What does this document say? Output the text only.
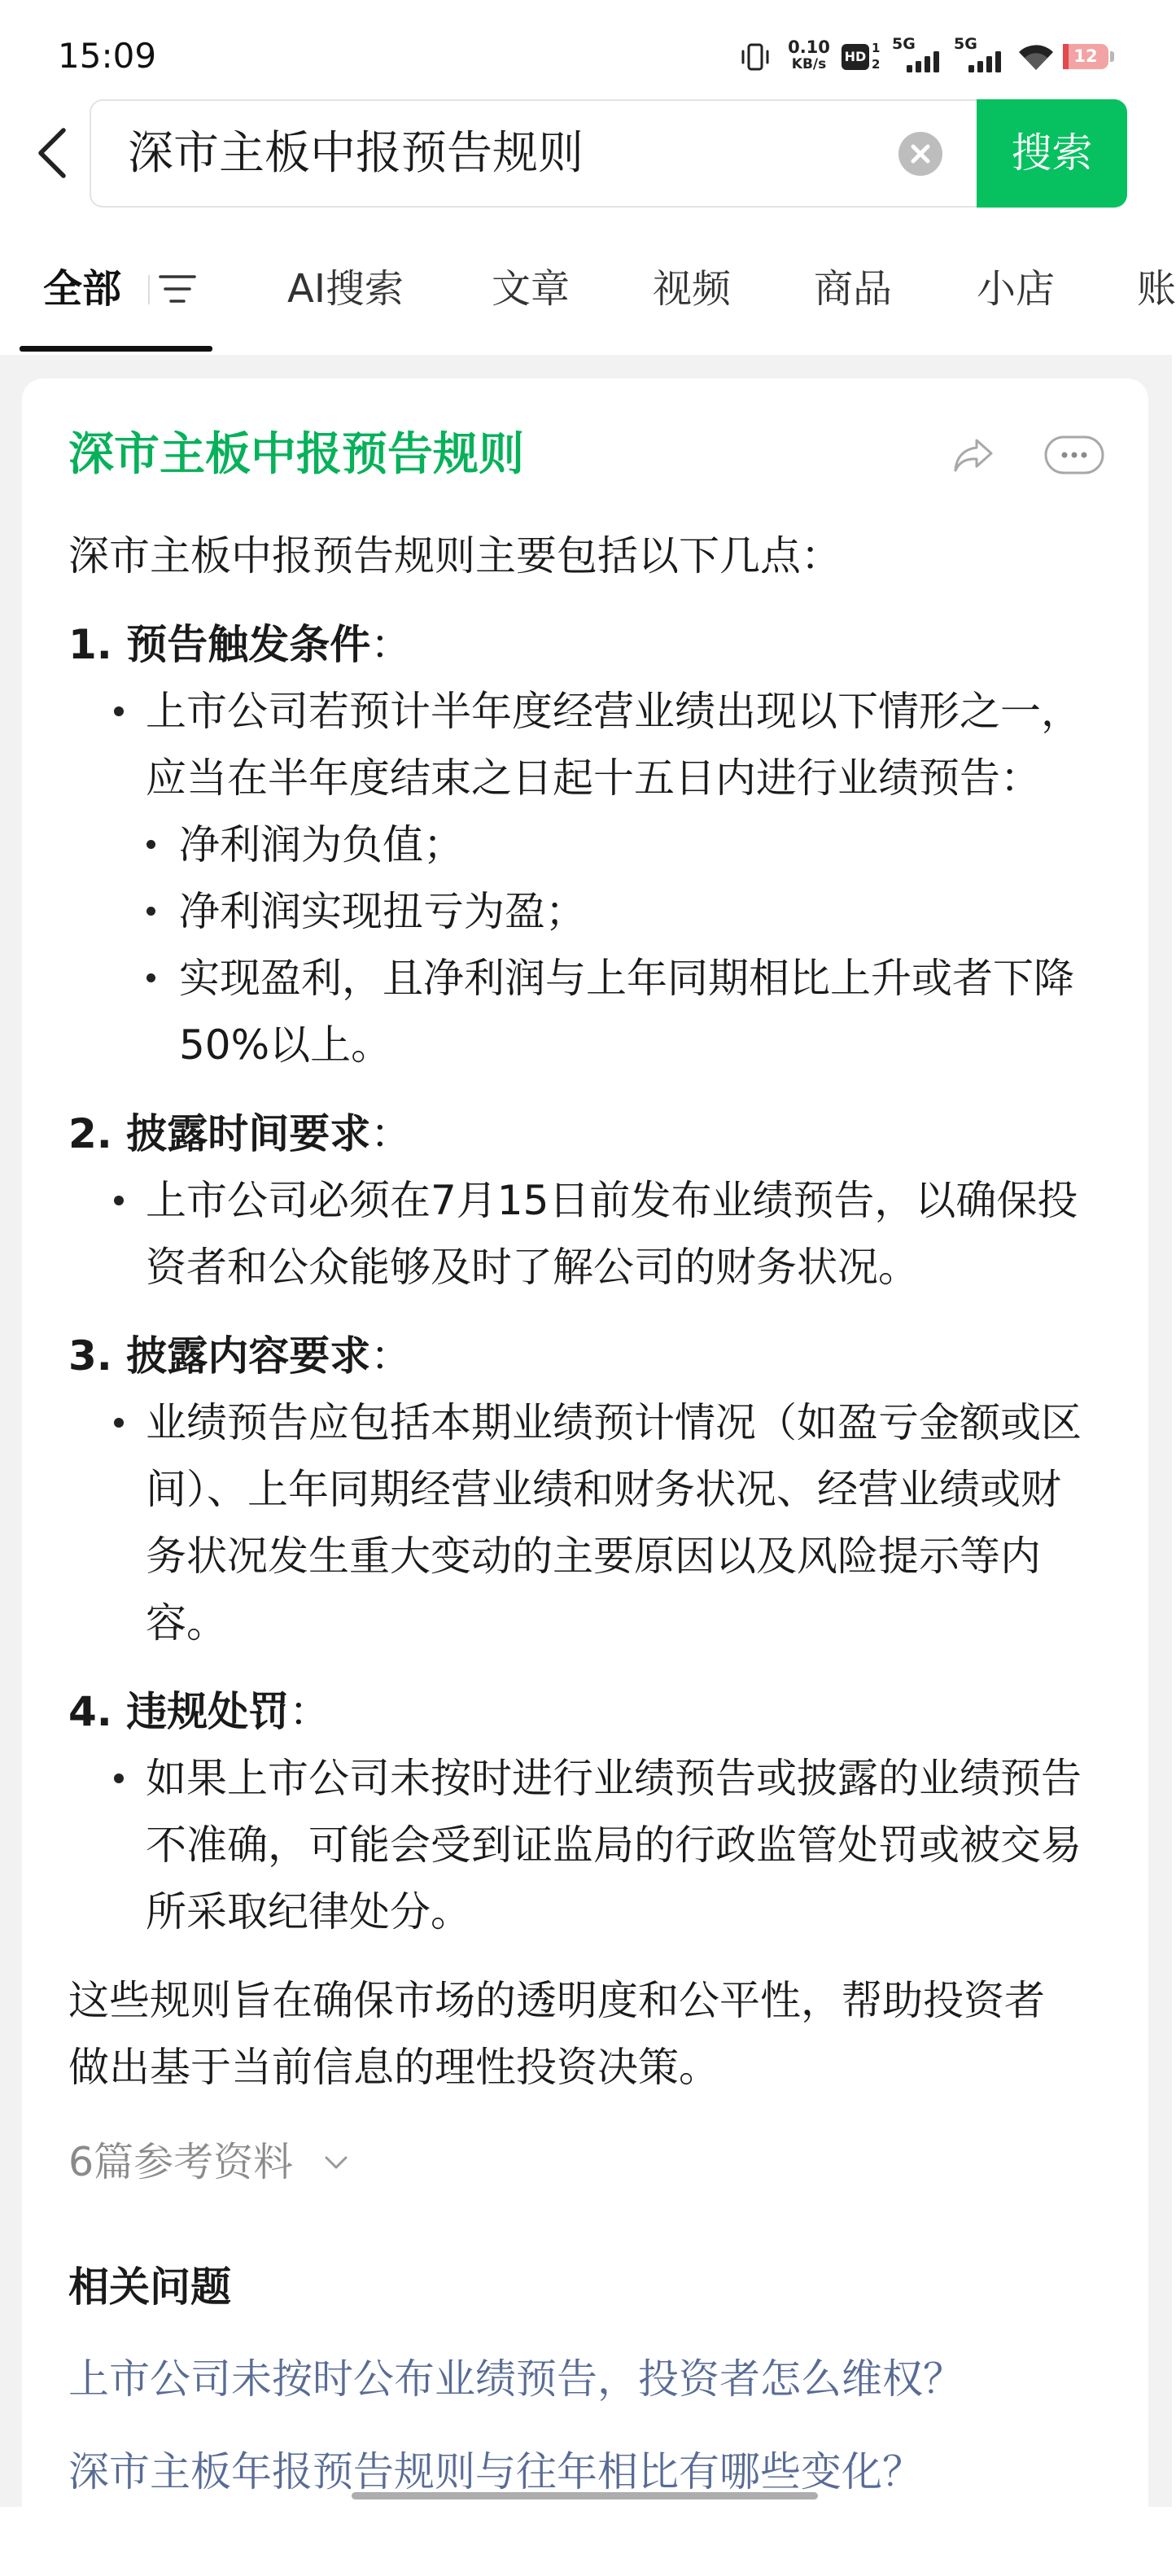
15:09	0.10
KB/s	HD
1
2
5G 5G
12
深市主板中报预告规则	搜索
全部	AI搜索 文章 视频 商品 小店 账
深市主板中报预告规则
深市主板中报预告规则主要包括以下几点：
1. 预告触发条件：
上市公司若预计半年度经营业绩出现以下情形之一，
应当在半年度结束之日起十五日内进行业绩预告：
净利润为负值；
净利润实现扭亏为盈；
实现盈利，且净利润与上年同期相比上升或者下降
50%以上。
2. 披露时间要求：
上市公司必须在7月15日前发布业绩预告，以确保投
资者和公众能够及时了解公司的财务状况。
3. 披露内容要求：
业绩预告应包括本期业绩预计情况（如盈亏金额或区
间）、上年同期经营业绩和财务状况、经营业绩或财
务状况发生重大变动的主要原因以及风险提示等内
容。
4. 违规处罚：
如果上市公司未按时进行业绩预告或披露的业绩预告
不准确，可能会受到证监局的行政监管处罚或被交易
所采取纪律处分。
这些规则旨在确保市场的透明度和公平性，帮助投资者
做出基于当前信息的理性投资决策。
6篇参考资料
相关问题
上市公司未按时公布业绩预告，投资者怎么维权？
深市主板年报预告规则与往年相比有哪些变化？
